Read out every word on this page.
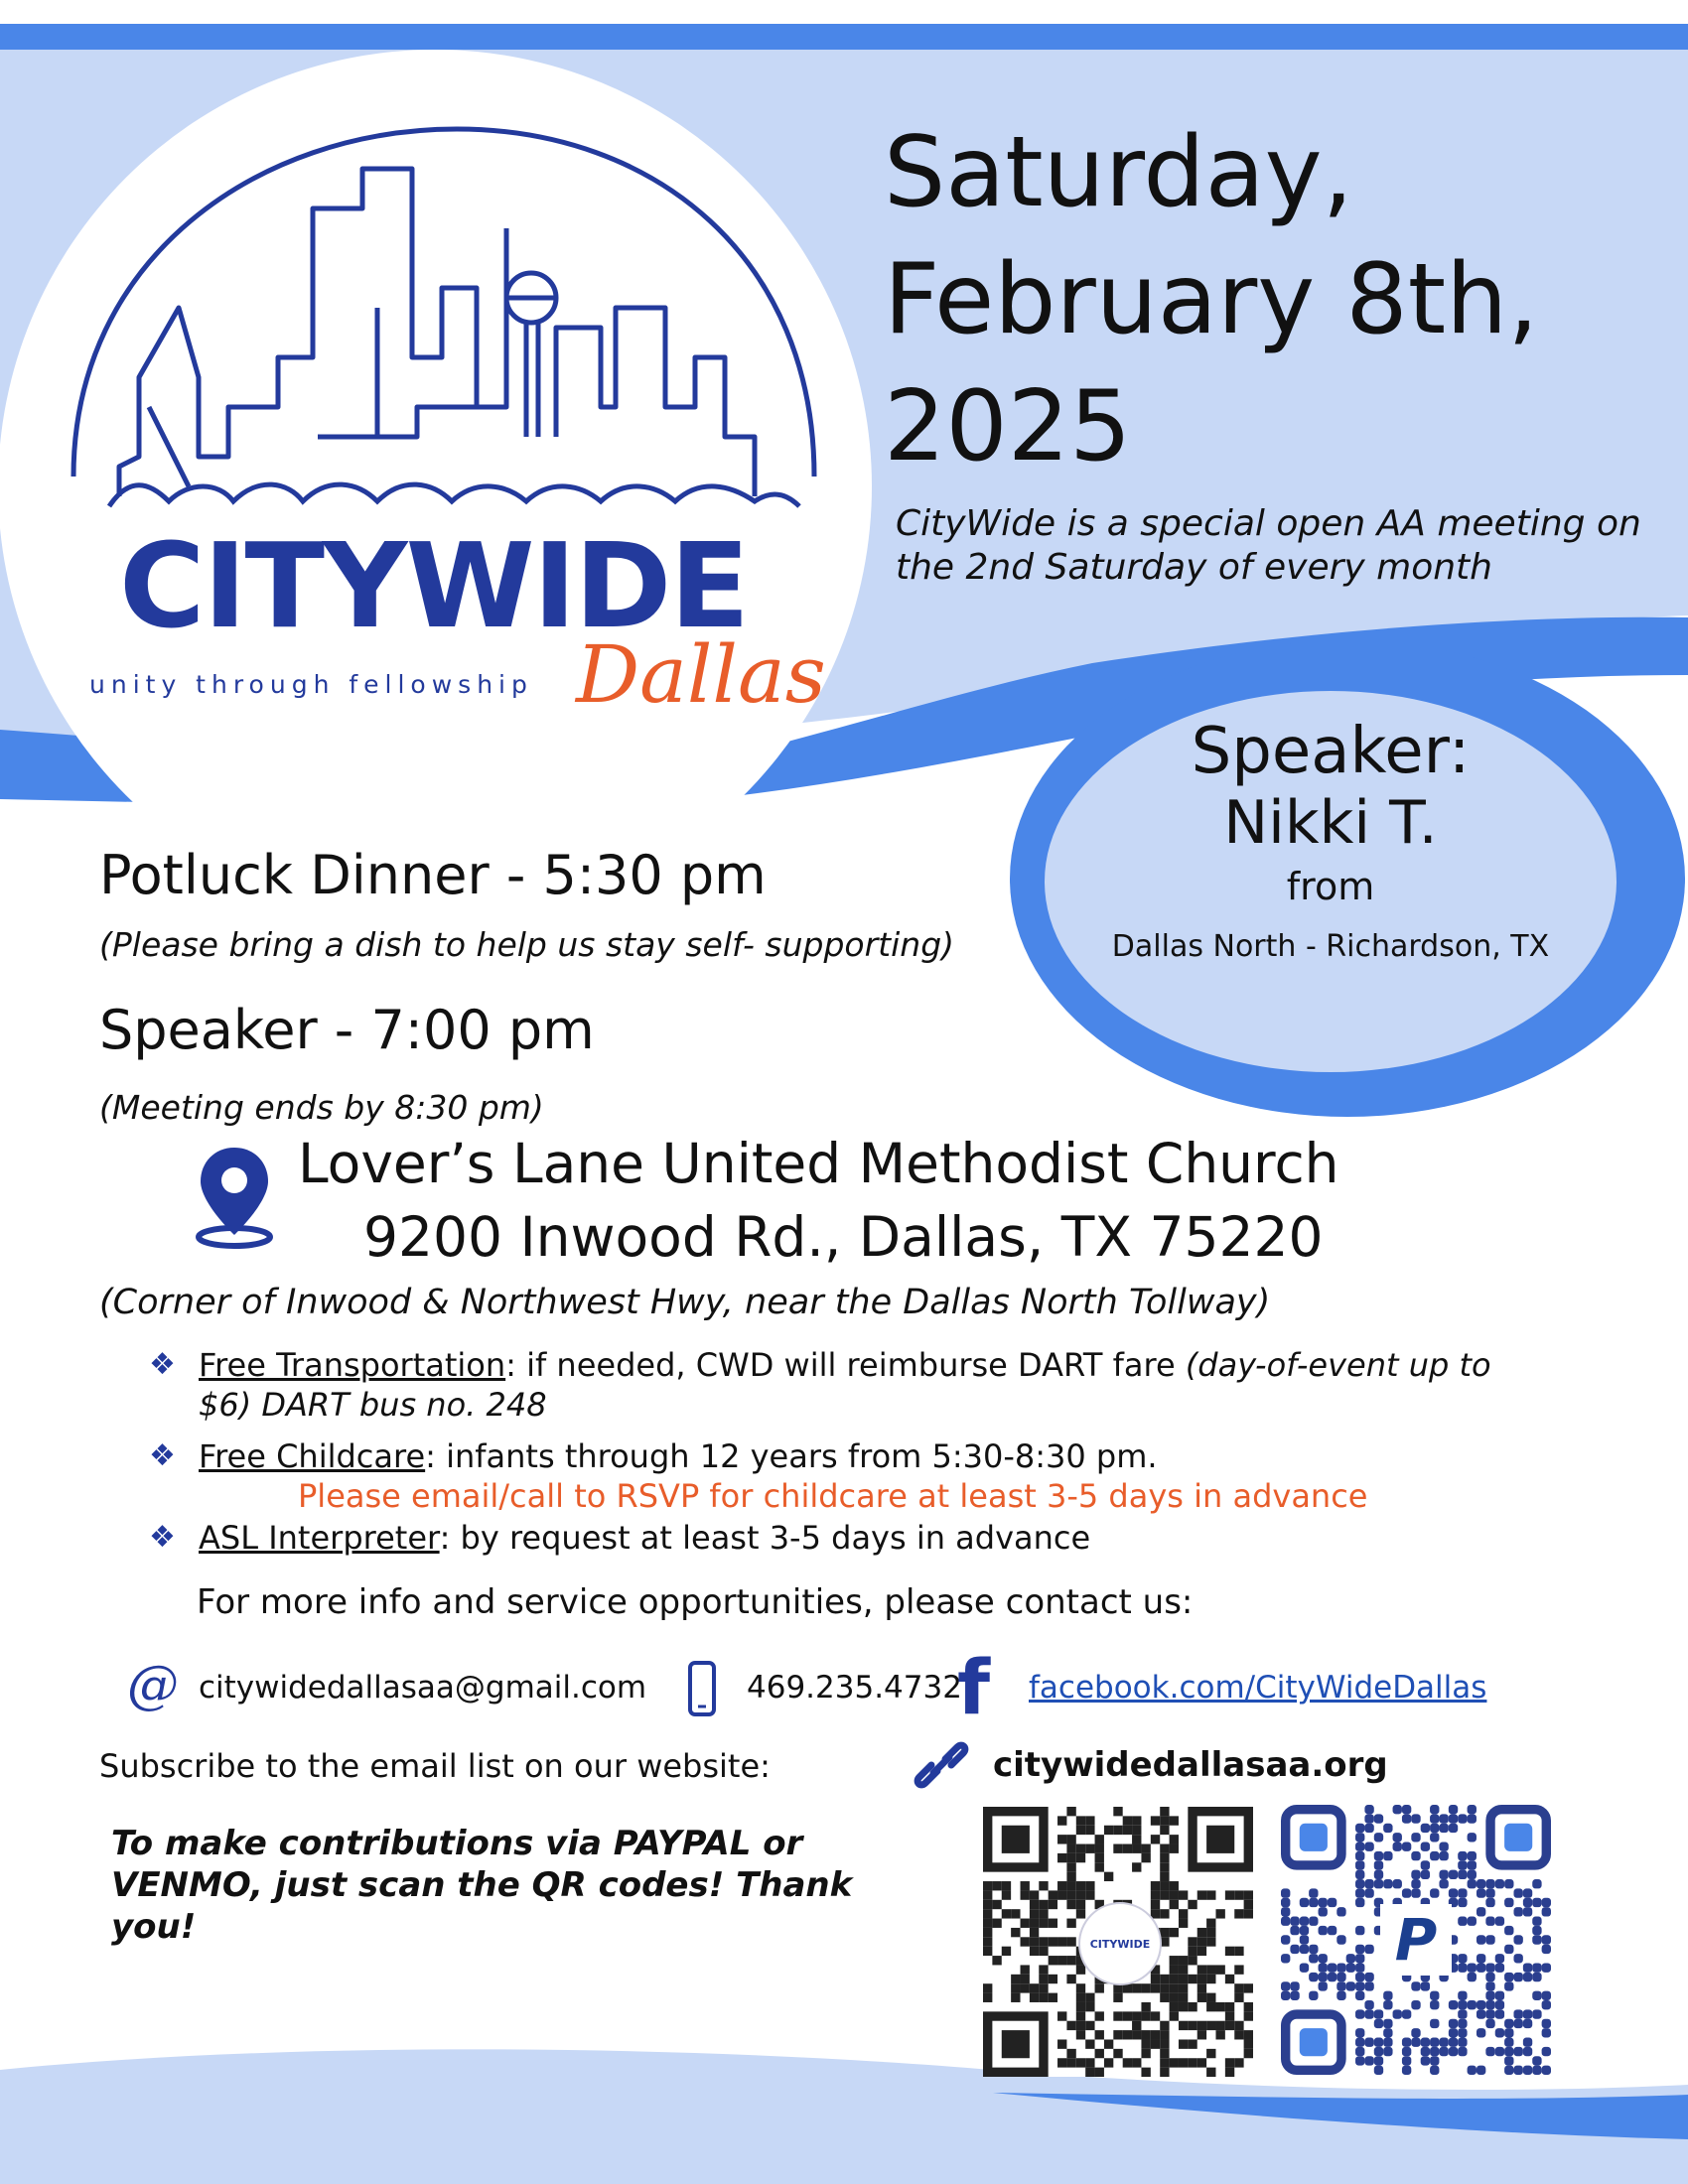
CITYWIDE
Dallas
unity through fellowship
Saturday,
February 8th,
2025
CityWide is a special open AA meeting on the 2nd Saturday of every month
Speaker:
Nikki T.
from
Dallas North - Richardson, TX
Potluck Dinner - 5:30 pm
(Please bring a dish to help us stay self- supporting)
Speaker - 7:00 pm
(Meeting ends by 8:30 pm)
Lover’s Lane United Methodist Church
9200 Inwood Rd., Dallas, TX 75220
(Corner of Inwood & Northwest Hwy, near the Dallas North Tollway)
❖ Free Transportation: if needed, CWD will reimburse DART fare (day-of-event up to $6) DART bus no. 248
❖ Free Childcare: infants through 12 years from 5:30-8:30 pm.
Please email/call to RSVP for childcare at least 3-5 days in advance
❖ ASL Interpreter: by request at least 3-5 days in advance
For more info and service opportunities, please contact us:
@ citywidedallasaa@gmail.com	469.235.4732
f facebook.com/CityWideDallas
Subscribe to the email list on our website:	citywidedallasaa.org
To make contributions via PAYPAL or VENMO, just scan the QR codes! Thank you!	CITYWIDE	P
